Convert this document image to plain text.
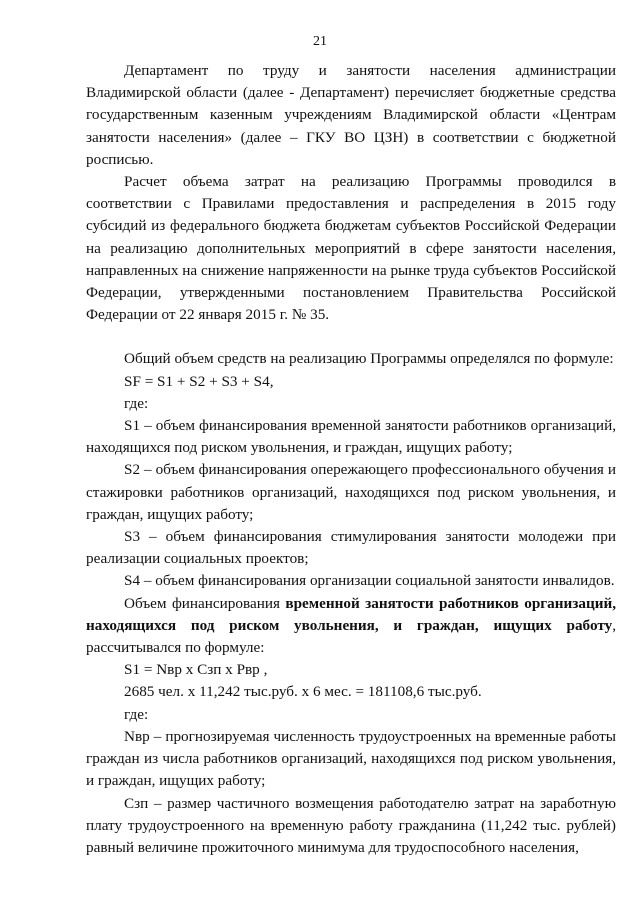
21

Департамент по труду и занятости населения администрации Владимирской области (далее - Департамент) перечисляет бюджетные средства государственным казенным учреждениям Владимирской области «Центрам занятости населения» (далее – ГКУ ВО ЦЗН) в соответствии с бюджетной росписью.

Расчет объема затрат на реализацию Программы проводился в соответствии с Правилами предоставления и распределения в 2015 году субсидий из федерального бюджета бюджетам субъектов Российской Федерации на реализацию дополнительных мероприятий в сфере занятости населения, направленных на снижение напряженности на рынке труда субъектов Российской Федерации, утвержденными постановлением Правительства Российской Федерации от 22 января 2015 г. № 35.

Общий объем средств на реализацию Программы определялся по формуле:

SF = S1 + S2 + S3 + S4,

где:

S1 – объем финансирования временной занятости работников организаций, находящихся под риском увольнения, и граждан, ищущих работу;

S2 – объем финансирования опережающего профессионального обучения и стажировки работников организаций, находящихся под риском увольнения, и граждан, ищущих работу;

S3 – объем финансирования стимулирования занятости молодежи при реализации социальных проектов;

S4 – объем финансирования организации социальной занятости инвалидов.

Объем финансирования временной занятости работников организаций, находящихся под риском увольнения, и граждан, ищущих работу, рассчитывался по формуле:

S1 = Nвр x Сзп x Рвр ,

2685 чел. x 11,242 тыс.руб. x 6 мес. = 181108,6 тыс.руб.

где:

Nвр – прогнозируемая численность трудоустроенных на временные работы граждан из числа работников организаций, находящихся под риском увольнения, и граждан, ищущих работу;

Сзп – размер частичного возмещения работодателю затрат на заработную плату трудоустроенного на временную работу гражданина (11,242 тыс. рублей) равный величине прожиточного минимума для трудоспособного населения,
